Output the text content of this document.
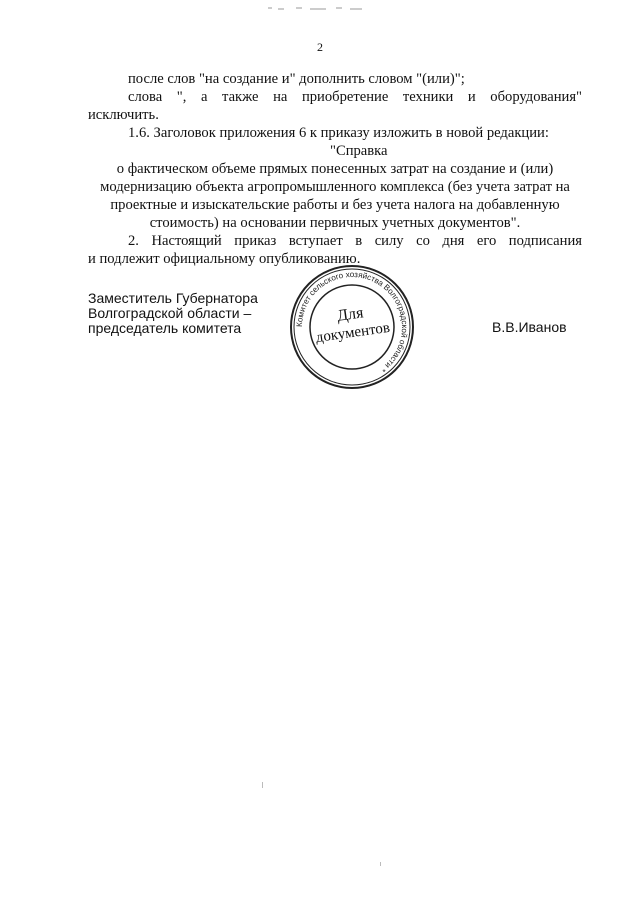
2
после слов "на создание и" дополнить словом "(или)";
слова ", а также на приобретение техники и оборудования"
исключить.
1.6. Заголовок приложения 6 к приказу изложить в новой редакции:
"Справка
о фактическом объеме прямых понесенных затрат на создание и (или)
модернизацию объекта агропромышленного комплекса (без учета затрат на
проектные и изыскательские работы и без учета налога на добавленную
стоимость) на основании первичных учетных документов".
2. Настоящий приказ вступает в силу со дня его подписания
и подлежит официальному опубликованию.
Заместитель Губернатора
Волгоградской области –
председатель комитета	Комитет сельского хозяйства Волгоградской области *
Для
документов	В.В.Иванов
